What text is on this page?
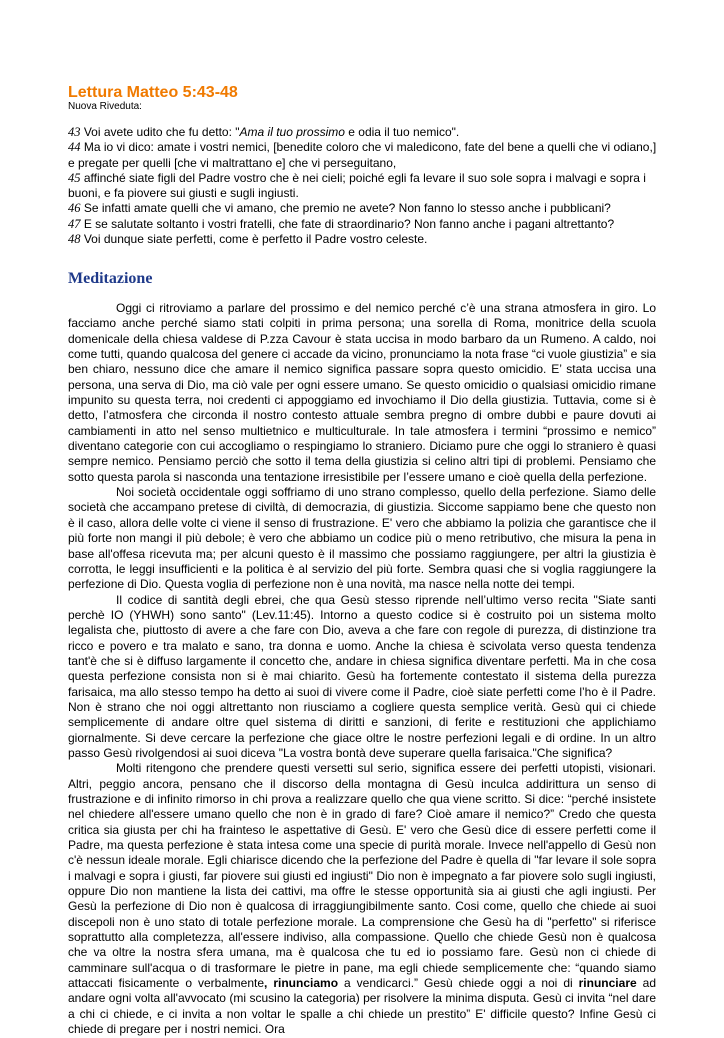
Lettura Matteo 5:43-48
Nuova Riveduta:

43 Voi avete udito che fu detto: "Ama il tuo prossimo e odia il tuo nemico".

44 Ma io vi dico: amate i vostri nemici, [benedite coloro che vi maledicono, fate del bene a quelli che vi odiano,] e pregate per quelli [che vi maltrattano e] che vi perseguitano,

45 affinché siate figli del Padre vostro che è nei cieli; poiché egli fa levare il suo sole sopra i malvagi e sopra i buoni, e fa piovere sui giusti e sugli ingiusti.

46 Se infatti amate quelli che vi amano, che premio ne avete? Non fanno lo stesso anche i pubblicani?

47 E se salutate soltanto i vostri fratelli, che fate di straordinario? Non fanno anche i pagani altrettanto?

48 Voi dunque siate perfetti, come è perfetto il Padre vostro celeste.

Meditazione

Oggi ci ritroviamo a parlare del prossimo e del nemico perché c’è una strana atmosfera in giro. Lo facciamo anche perché siamo stati colpiti in prima persona; una sorella di Roma, monitrice della scuola domenicale della chiesa valdese di P.zza Cavour è stata uccisa in modo barbaro da un Rumeno. A caldo, noi come tutti, quando qualcosa del genere ci accade da vicino, pronunciamo la nota frase “ci vuole giustizia” e sia ben chiaro, nessuno dice che amare il nemico significa passare sopra questo omicidio. E’ stata uccisa una persona, una serva di Dio, ma ciò vale per ogni essere umano. Se questo omicidio o qualsiasi omicidio rimane impunito su questa terra, noi credenti ci appoggiamo ed invochiamo il Dio della giustizia. Tuttavia, come si è detto, l’atmosfera che circonda il nostro contesto attuale sembra pregno di ombre dubbi e paure dovuti ai cambiamenti in atto nel senso multietnico e multiculturale. In tale atmosfera i termini “prossimo e nemico” diventano categorie con cui accogliamo o respingiamo lo straniero. Diciamo pure che oggi lo straniero è quasi sempre nemico. Pensiamo perciò che sotto il tema della giustizia si celino altri tipi di problemi. Pensiamo che sotto questa parola si nasconda una tentazione irresistibile per l’essere umano e cioè quella della perfezione.

Noi società occidentale oggi soffriamo di uno strano complesso, quello della perfezione. Siamo delle società che accampano pretese di civiltà, di democrazia, di giustizia. Siccome sappiamo bene che questo non è il caso, allora delle volte ci viene il senso di frustrazione. E' vero che abbiamo la polizia che garantisce che il più forte non mangi il più debole; è vero che abbiamo un codice più o meno retributivo, che misura la pena in base all'offesa ricevuta ma; per alcuni questo è il massimo che possiamo raggiungere, per altri la giustizia è corrotta, le leggi insufficienti e la politica è al servizio del più forte. Sembra quasi che si voglia raggiungere la perfezione di Dio. Questa voglia di perfezione non è una novità, ma nasce nella notte dei tempi.

Il codice di santità degli ebrei, che qua Gesù stesso riprende nell’ultimo verso recita "Siate santi perchè IO (YHWH) sono santo" (Lev.11:45). Intorno a questo codice si è costruito poi un sistema molto legalista che, piuttosto di avere a che fare con Dio, aveva a che fare con regole di purezza, di distinzione tra ricco e povero e tra malato e sano, tra donna e uomo. Anche la chiesa è scivolata verso questa tendenza tant'è che si è diffuso largamente il concetto che, andare in chiesa significa diventare perfetti. Ma in che cosa questa perfezione consista non si è mai chiarito. Gesù ha fortemente contestato il sistema della purezza farisaica, ma allo stesso tempo ha detto ai suoi di vivere come il Padre, cioè siate perfetti come l’ho è il Padre. Non è strano che noi oggi altrettanto non riusciamo a cogliere questa semplice verità. Gesù qui ci chiede semplicemente di andare oltre quel sistema di diritti e sanzioni, di ferite e restituzioni che applichiamo giornalmente. Si deve cercare la perfezione che giace oltre le nostre perfezioni legali e di ordine. In un altro passo Gesù rivolgendosi ai suoi diceva "La vostra bontà deve superare quella farisaica."Che significa?

Molti ritengono che prendere questi versetti sul serio, significa essere dei perfetti utopisti, visionari. Altri, peggio ancora, pensano che il discorso della montagna di Gesù inculca addirittura un senso di frustrazione e di infinito rimorso in chi prova a realizzare quello che qua viene scritto. Si dice: “perché insistete nel chiedere all'essere umano quello che non è in grado di fare? Cioè amare il nemico?” Credo che questa critica sia giusta per chi ha frainteso le aspettative di Gesù. E' vero che Gesù dice di essere perfetti come il Padre, ma questa perfezione è stata intesa come una specie di purità morale. Invece nell'appello di Gesù non c'è nessun ideale morale. Egli chiarisce dicendo che la perfezione del Padre è quella di "far levare il sole sopra i malvagi e sopra i giusti, far piovere sui giusti ed ingiusti" Dio non è impegnato a far piovere solo sugli ingiusti, oppure Dio non mantiene la lista dei cattivi, ma offre le stesse opportunità sia ai giusti che agli ingiusti. Per Gesù la perfezione di Dio non è qualcosa di irraggiungibilmente santo. Cosi come, quello che chiede ai suoi discepoli non è uno stato di totale perfezione morale. La comprensione che Gesù ha di "perfetto" si riferisce soprattutto alla completezza, all'essere indiviso, alla compassione. Quello che chiede Gesù non è qualcosa che va oltre la nostra sfera umana, ma è qualcosa che tu ed io possiamo fare. Gesù non ci chiede di camminare sull'acqua o di trasformare le pietre in pane, ma egli chiede semplicemente che: “quando siamo attaccati fisicamente o verbalmente, rinunciamo a vendicarci.” Gesù chiede oggi a noi di rinunciare ad andare ogni volta all'avvocato (mi scusino la categoria) per risolvere la minima disputa. Gesù ci invita “nel dare a chi ci chiede, e ci invita a non voltar le spalle a chi chiede un prestito” E' difficile questo? Infine Gesù ci chiede di pregare per i nostri nemici. Ora
